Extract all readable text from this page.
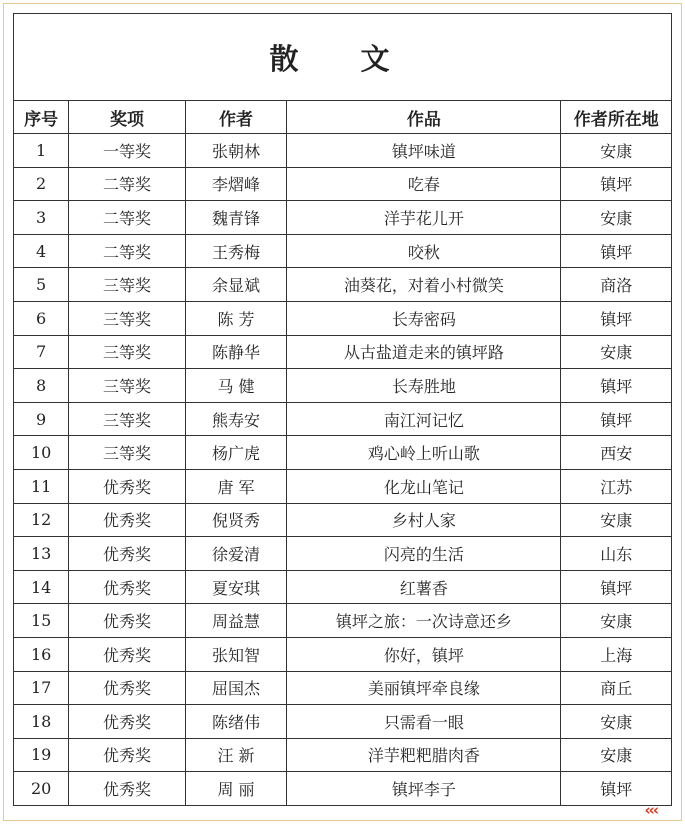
散 文				
序号	奖项	作者	作品	作者所在地
1	一等奖	张朝林	镇坪味道	安康
2	二等奖	李熠峰	吃春	镇坪
3	二等奖	魏青锋	洋芋花儿开	安康
4	二等奖	王秀梅	咬秋	镇坪
5	三等奖	余显斌	油葵花，对着小村微笑	商洛
6	三等奖	陈 芳	长寿密码	镇坪
7	三等奖	陈静华	从古盐道走来的镇坪路	安康
8	三等奖	马 健	长寿胜地	镇坪
9	三等奖	熊寿安	南江河记忆	镇坪
10	三等奖	杨广虎	鸡心岭上听山歌	西安
11	优秀奖	唐 军	化龙山笔记	江苏
12	优秀奖	倪贤秀	乡村人家	安康
13	优秀奖	徐爱清	闪亮的生活	山东
14	优秀奖	夏安琪	红薯香	镇坪
15	优秀奖	周益慧	镇坪之旅：一次诗意还乡	安康
16	优秀奖	张知智	你好，镇坪	上海
17	优秀奖	屈国杰	美丽镇坪牵良缘	商丘
18	优秀奖	陈绪伟	只需看一眼	安康
19	优秀奖	汪 新	洋芋粑粑腊肉香	安康
20	优秀奖	周 丽	镇坪李子	镇坪
‹‹‹
